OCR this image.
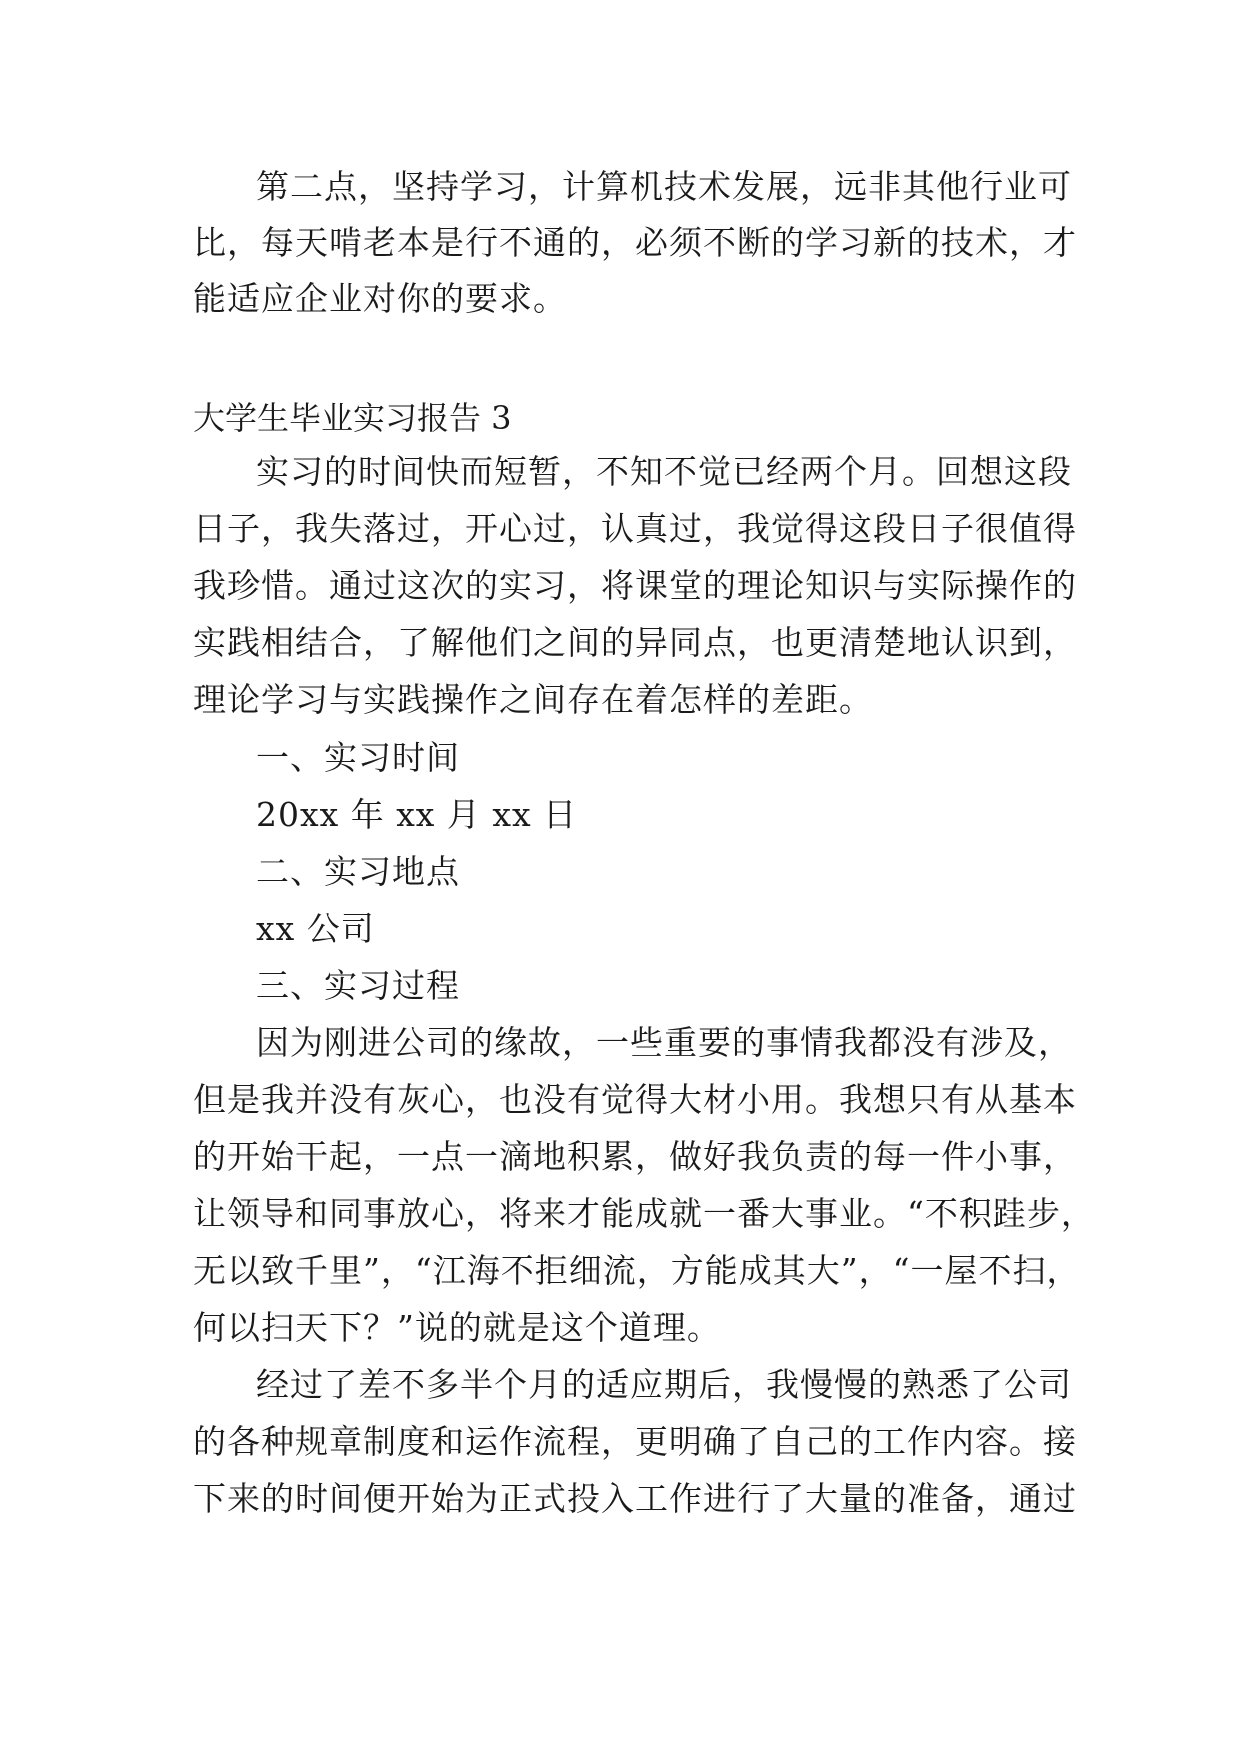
第二点，坚持学习，计算机技术发展，远非其他行业可
比，每天啃老本是行不通的，必须不断的学习新的技术，才
能适应企业对你的要求。
大学生毕业实习报告 3
实习的时间快而短暂，不知不觉已经两个月。回想这段
日子，我失落过，开心过，认真过，我觉得这段日子很值得
我珍惜。通过这次的实习，将课堂的理论知识与实际操作的
实践相结合，了解他们之间的异同点，也更清楚地认识到，
理论学习与实践操作之间存在着怎样的差距。
一、实习时间
20xx 年 xx 月 xx 日
二、实习地点
xx 公司
三、实习过程
因为刚进公司的缘故，一些重要的事情我都没有涉及，
但是我并没有灰心，也没有觉得大材小用。我想只有从基本
的开始干起，一点一滴地积累，做好我负责的每一件小事，
让领导和同事放心，将来才能成就一番大事业。“不积跬步，
无以致千里”，“江海不拒细流，方能成其大”，“一屋不扫，
何以扫天下？”说的就是这个道理。
经过了差不多半个月的适应期后，我慢慢的熟悉了公司
的各种规章制度和运作流程，更明确了自己的工作内容。接
下来的时间便开始为正式投入工作进行了大量的准备，通过
